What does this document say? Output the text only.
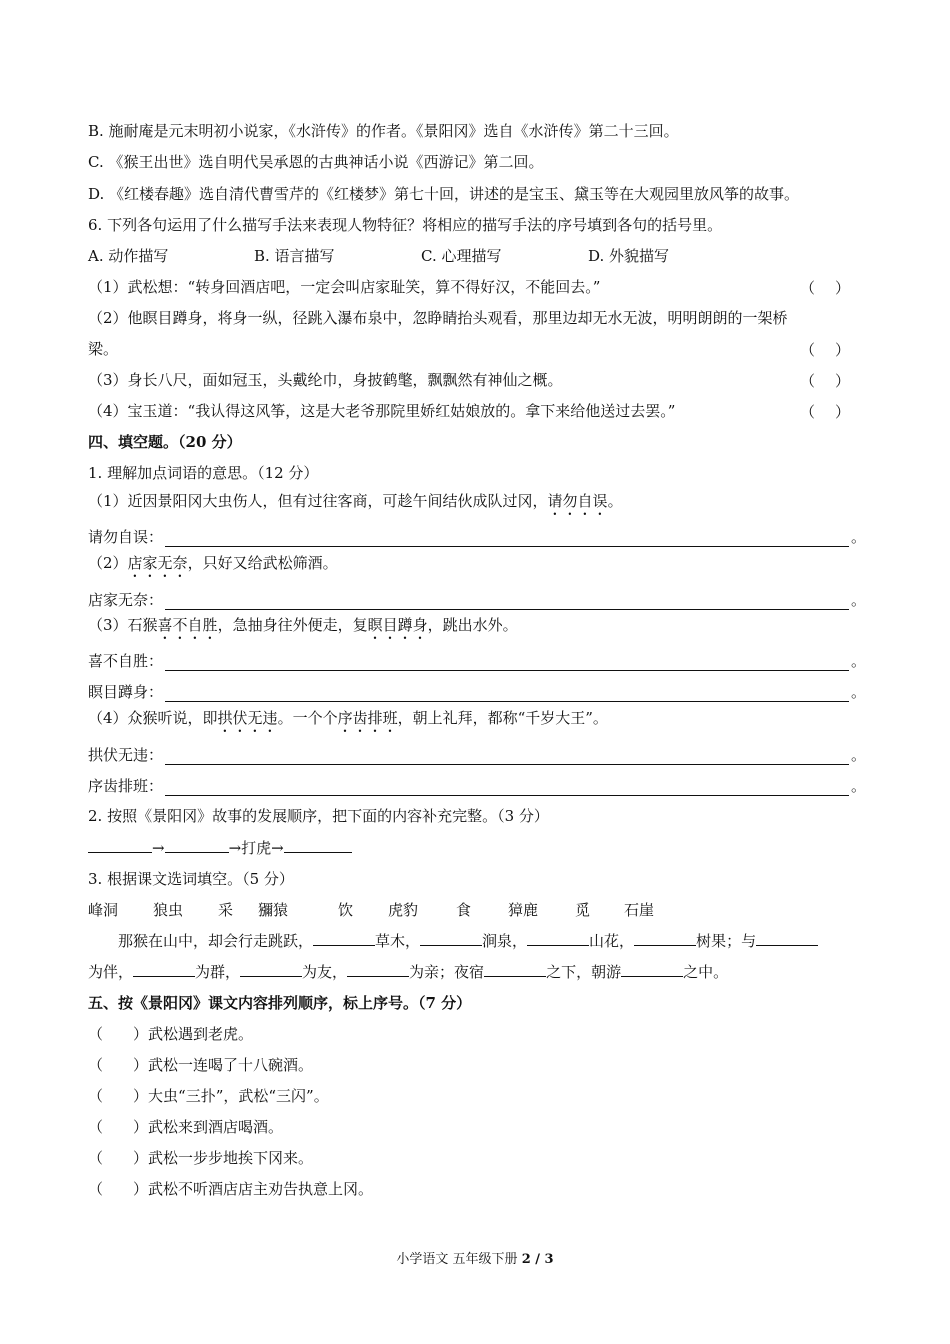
B. 施耐庵是元末明初小说家，《水浒传》的作者。《景阳冈》选自《水浒传》第二十三回。
C. 《猴王出世》选自明代吴承恩的古典神话小说《西游记》第二回。
D. 《红楼春趣》选自清代曹雪芹的《红楼梦》第七十回，讲述的是宝玉、黛玉等在大观园里放风筝的故事。
6. 下列各句运用了什么描写手法来表现人物特征？将相应的描写手法的序号填到各句的括号里。
A. 动作描写	B. 语言描写	C. 心理描写	D. 外貌描写
（1）武松想：“转身回酒店吧，一定会叫店家耻笑，算不得好汉，不能回去。”	（ ）
（2）他瞑目蹲身，将身一纵，径跳入瀑布泉中，忽睁睛抬头观看，那里边却无水无波，明明朗朗的一架桥
梁。	（ ）
（3）身长八尺，面如冠玉，头戴纶巾，身披鹤氅，飘飘然有神仙之概。	（ ）
（4）宝玉道：“我认得这风筝，这是大老爷那院里娇红姑娘放的。拿下来给他送过去罢。”	（ ）
四、填空题。（20 分）
1. 理解加点词语的意思。（12 分）
（1）近因景阳冈大虫伤人，但有过往客商，可趁午间结伙成队过冈，请勿自误。
请勿自误：	。
（2）店家无奈，只好又给武松筛酒。
店家无奈：	。
（3）石猴喜不自胜，急抽身往外便走，复瞑目蹲身，跳出水外。
喜不自胜：	。
瞑目蹲身：	。
（4）众猴听说，即拱伏无违。一个个序齿排班，朝上礼拜，都称“千岁大王”。
拱伏无违：	。
序齿排班：	。
2. 按照《景阳冈》故事的发展顺序，把下面的内容补充完整。（3 分）
→	→打虎→
3. 根据课文选词填空。（5 分）
峰洞 狼虫 采 獼猿	饮 虎豹	食 獐鹿 觅 石崖
那猴在山中，却会行走跳跃，	草木，	涧泉，	山花，	树果；与
为伴，	为群，	为友，	为亲；夜宿	之下，朝游	之中。
五、按《景阳冈》课文内容排列顺序，标上序号。（7 分）
（ ）武松遇到老虎。
（ ）武松一连喝了十八碗酒。
（ ）大虫“三扑”，武松“三闪”。
（ ）武松来到酒店喝酒。
（ ）武松一步步地挨下冈来。
（ ）武松不听酒店店主劝告执意上冈。
小学语文 五年级下册 2 / 3
